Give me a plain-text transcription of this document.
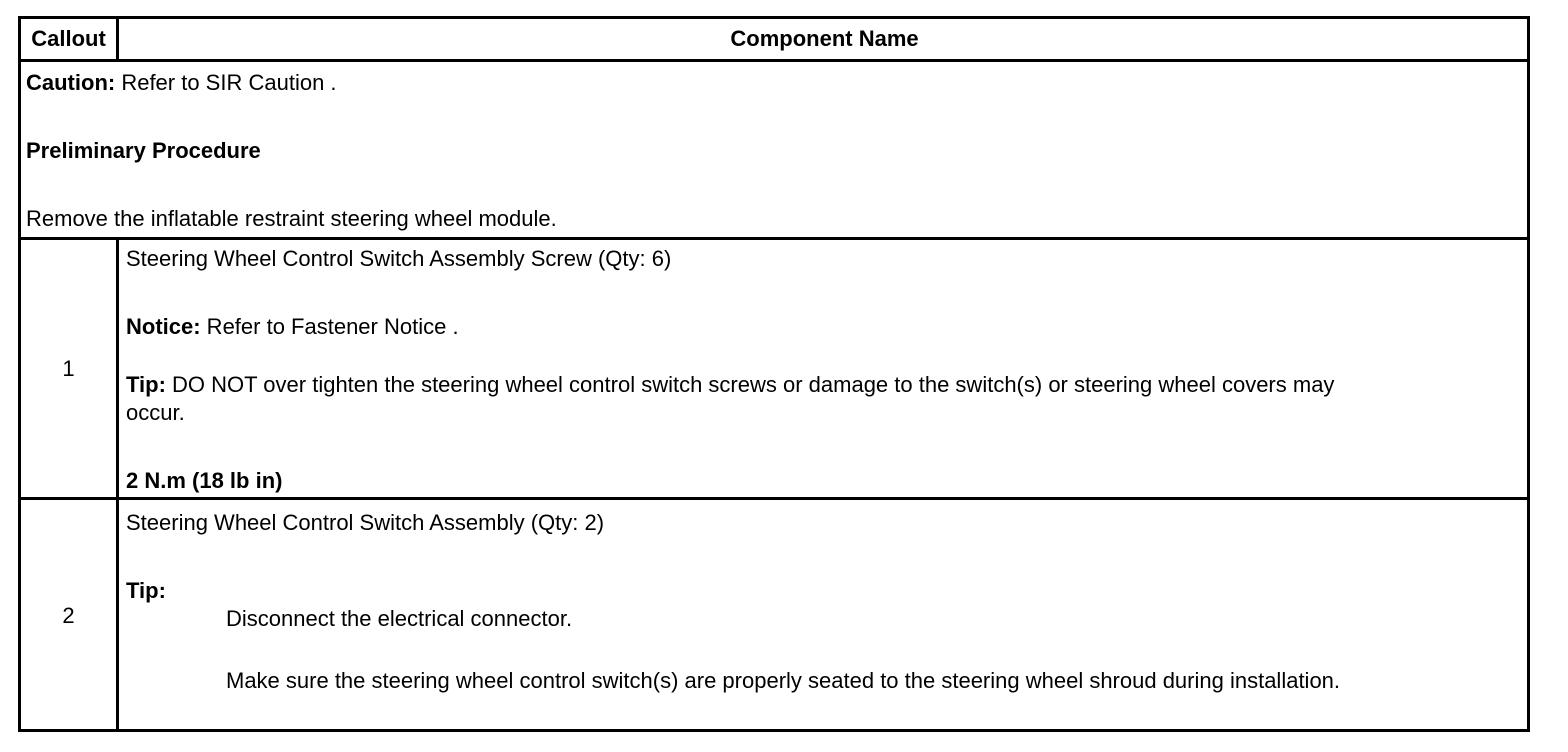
Callout	Component Name
Caution: Refer to SIR Caution .
Preliminary Procedure
Remove the inflatable restraint steering wheel module.
1
Steering Wheel Control Switch Assembly Screw (Qty: 6)
Notice: Refer to Fastener Notice .
Tip: DO NOT over tighten the steering wheel control switch screws or damage to the switch(s) or steering wheel covers may
occur.
2 N.m (18 lb in)
2
Steering Wheel Control Switch Assembly (Qty: 2)
Tip:
Disconnect the electrical connector.
Make sure the steering wheel control switch(s) are properly seated to the steering wheel shroud during installation.
